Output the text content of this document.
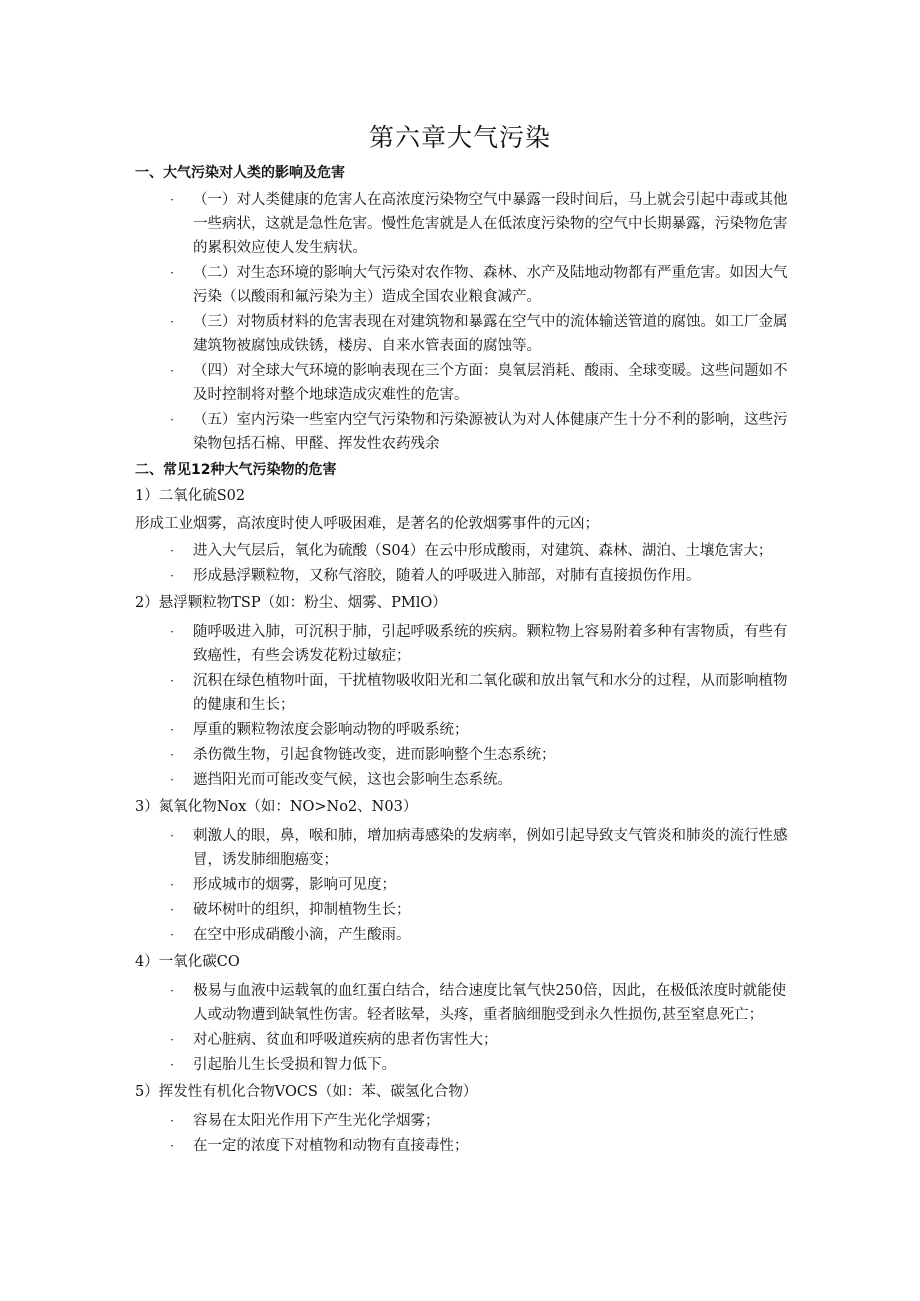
第六章大气污染
一、大气污染对人类的影响及危害
· （一）对人类健康的危害人在高浓度污染物空气中暴露一段时间后，马上就会引起中毒或其他一些病状，这就是急性危害。慢性危害就是人在低浓度污染物的空气中长期暴露，污染物危害的累积效应使人发生病状。
· （二）对生态环境的影响大气污染对农作物、森林、水产及陆地动物都有严重危害。如因大气污染（以酸雨和氟污染为主）造成全国农业粮食减产。
· （三）对物质材料的危害表现在对建筑物和暴露在空气中的流体输送管道的腐蚀。如工厂金属建筑物被腐蚀成铁锈，楼房、自来水管表面的腐蚀等。
· （四）对全球大气环境的影响表现在三个方面：臭氧层消耗、酸雨、全球变暖。这些问题如不及时控制将对整个地球造成灾难性的危害。
· （五）室内污染一些室内空气污染物和污染源被认为对人体健康产生十分不利的影响，这些污染物包括石棉、甲醛、挥发性农药残余
二、常见12种大气污染物的危害
1）二氧化硫S02
形成工业烟雾，高浓度时使人呼吸困难，是著名的伦敦烟雾事件的元凶；
· 进入大气层后，氧化为硫酸（S04）在云中形成酸雨，对建筑、森林、湖泊、土壤危害大；
· 形成悬浮颗粒物，又称气溶胶，随着人的呼吸进入肺部，对肺有直接损伤作用。
2）悬浮颗粒物TSP（如：粉尘、烟雾、PMlO）
· 随呼吸进入肺，可沉积于肺，引起呼吸系统的疾病。颗粒物上容易附着多种有害物质，有些有致癌性，有些会诱发花粉过敏症；
· 沉积在绿色植物叶面，干扰植物吸收阳光和二氧化碳和放出氧气和水分的过程，从而影响植物的健康和生长；
· 厚重的颗粒物浓度会影响动物的呼吸系统；
· 杀伤微生物，引起食物链改变，进而影响整个生态系统；
· 遮挡阳光而可能改变气候，这也会影响生态系统。
3）氮氧化物Nox（如：NO>No2、N03）
· 刺激人的眼，鼻，喉和肺，增加病毒感染的发病率，例如引起导致支气管炎和肺炎的流行性感冒，诱发肺细胞癌变；
· 形成城市的烟雾，影响可见度；
· 破坏树叶的组织，抑制植物生长；
· 在空中形成硝酸小滴，产生酸雨。
4）一氧化碳CO
· 极易与血液中运载氧的血红蛋白结合，结合速度比氧气快250倍，因此，在极低浓度时就能使人或动物遭到缺氧性伤害。轻者眩晕，头疼，重者脑细胞受到永久性损伤,甚至窒息死亡；
· 对心脏病、贫血和呼吸道疾病的患者伤害性大；
· 引起胎儿生长受损和智力低下。
5）挥发性有机化合物VOCS（如：苯、碳氢化合物）
· 容易在太阳光作用下产生光化学烟雾；
· 在一定的浓度下对植物和动物有直接毒性；
